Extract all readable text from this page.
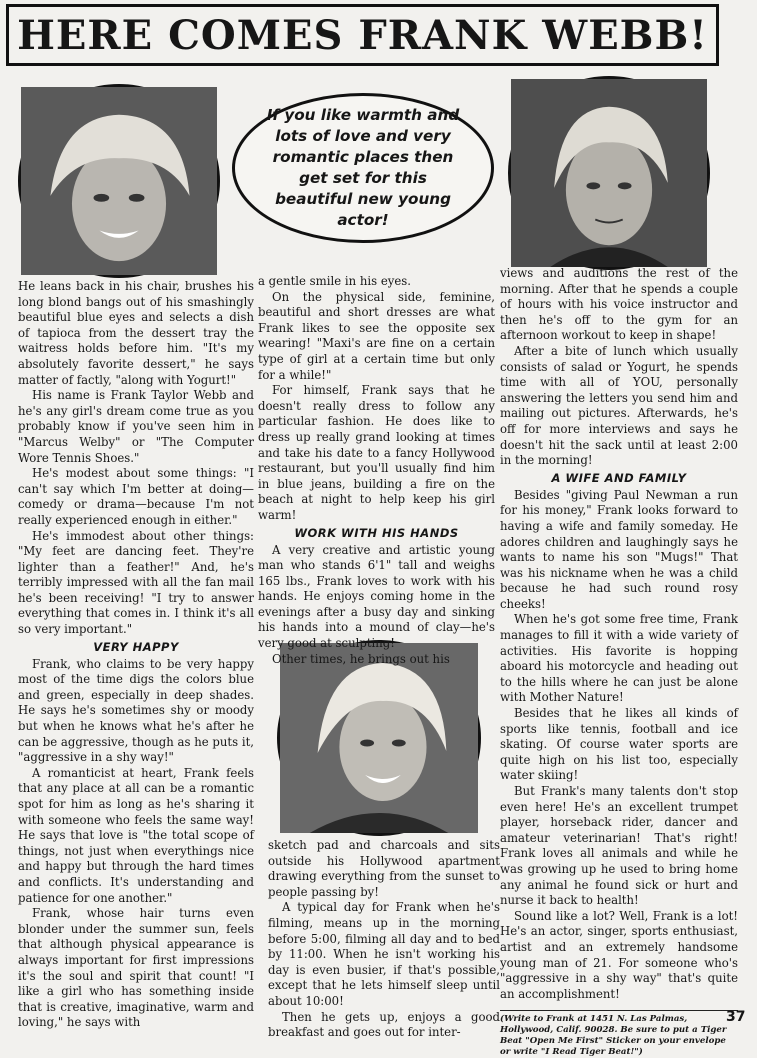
HERE COMES FRANK WEBB!

If you like warmth and lots of love and very romantic places then get set for this beautiful new young actor!

He leans back in his chair, brushes his long blond bangs out of his smashingly beautiful blue eyes and selects a dish of tapioca from the dessert tray the waitress holds before him. "It's my absolutely favorite dessert," he says matter of factly, "along with Yogurt!"

His name is Frank Taylor Webb and he's any girl's dream come true as you probably know if you've seen him in "Marcus Welby" or "The Computer Wore Tennis Shoes."

He's modest about some things: "I can't say which I'm better at doing—comedy or drama—because I'm not really experienced enough in either."

He's immodest about other things: "My feet are dancing feet. They're lighter than a feather!" And, he's terribly impressed with all the fan mail he's been receiving! "I try to answer everything that comes in. I think it's all so very important."

VERY HAPPY

Frank, who claims to be very happy most of the time digs the colors blue and green, especially in deep shades. He says he's sometimes shy or moody but when he knows what he's after he can be aggressive, though as he puts it, "aggressive in a shy way!"

A romanticist at heart, Frank feels that any place at all can be a romantic spot for him as long as he's sharing it with someone who feels the same way! He says that love is "the total scope of things, not just when everythings nice and happy but through the hard times and conflicts. It's understanding and patience for one another."

Frank, whose hair turns even blonder under the summer sun, feels that although physical appearance is always important for first impressions it's the soul and spirit that count! "I like a girl who has something inside that is creative, imaginative, warm and loving," he says with

a gentle smile in his eyes.

On the physical side, feminine, beautiful and short dresses are what Frank likes to see the opposite sex wearing! "Maxi's are fine on a certain type of girl at a certain time but only for a while!"

For himself, Frank says that he doesn't really dress to follow any particular fashion. He does like to dress up really grand looking at times and take his date to a fancy Hollywood restaurant, but you'll usually find him in blue jeans, building a fire on the beach at night to help keep his girl warm!

WORK WITH HIS HANDS

A very creative and artistic young man who stands 6'1" tall and weighs 165 lbs., Frank loves to work with his hands. He enjoys coming home in the evenings after a busy day and sinking his hands into a mound of clay—he's very good at sculpting!

Other times, he brings out his

sketch pad and charcoals and sits outside his Hollywood apartment drawing everything from the sunset to people passing by!

A typical day for Frank when he's filming, means up in the morning before 5:00, filming all day and to bed by 11:00. When he isn't working his day is even busier, if that's possible, except that he lets himself sleep until about 10:00!

Then he gets up, enjoys a good breakfast and goes out for inter-

views and auditions the rest of the morning. After that he spends a couple of hours with his voice instructor and then he's off to the gym for an afternoon workout to keep in shape!

After a bite of lunch which usually consists of salad or Yogurt, he spends time with all of YOU, personally answering the letters you send him and mailing out pictures. Afterwards, he's off for more interviews and says he doesn't hit the sack until at least 2:00 in the morning!

A WIFE AND FAMILY

Besides "giving Paul Newman a run for his money," Frank looks forward to having a wife and family someday. He adores children and laughingly says he wants to name his son "Mugs!" That was his nickname when he was a child because he had such round rosy cheeks!

When he's got some free time, Frank manages to fill it with a wide variety of activities. His favorite is hopping aboard his motorcycle and heading out to the hills where he can just be alone with Mother Nature!

Besides that he likes all kinds of sports like tennis, football and ice skating. Of course water sports are quite high on his list too, especially water skiing!

But Frank's many talents don't stop even here! He's an excellent trumpet player, horseback rider, dancer and amateur veterinarian! That's right! Frank loves all animals and while he was growing up he used to bring home any animal he found sick or hurt and nurse it back to health!

Sound like a lot? Well, Frank is a lot! He's an actor, singer, sports enthusiast, artist and an extremely handsome young man of 21. For someone who's "aggressive in a shy way" that's quite an accomplishment!

(Write to Frank at 1451 N. Las Palmas, Hollywood, Calif. 90028. Be sure to put a Tiger Beat "Open Me First" Sticker on your envelope or write "I Read Tiger Beat!")
37
